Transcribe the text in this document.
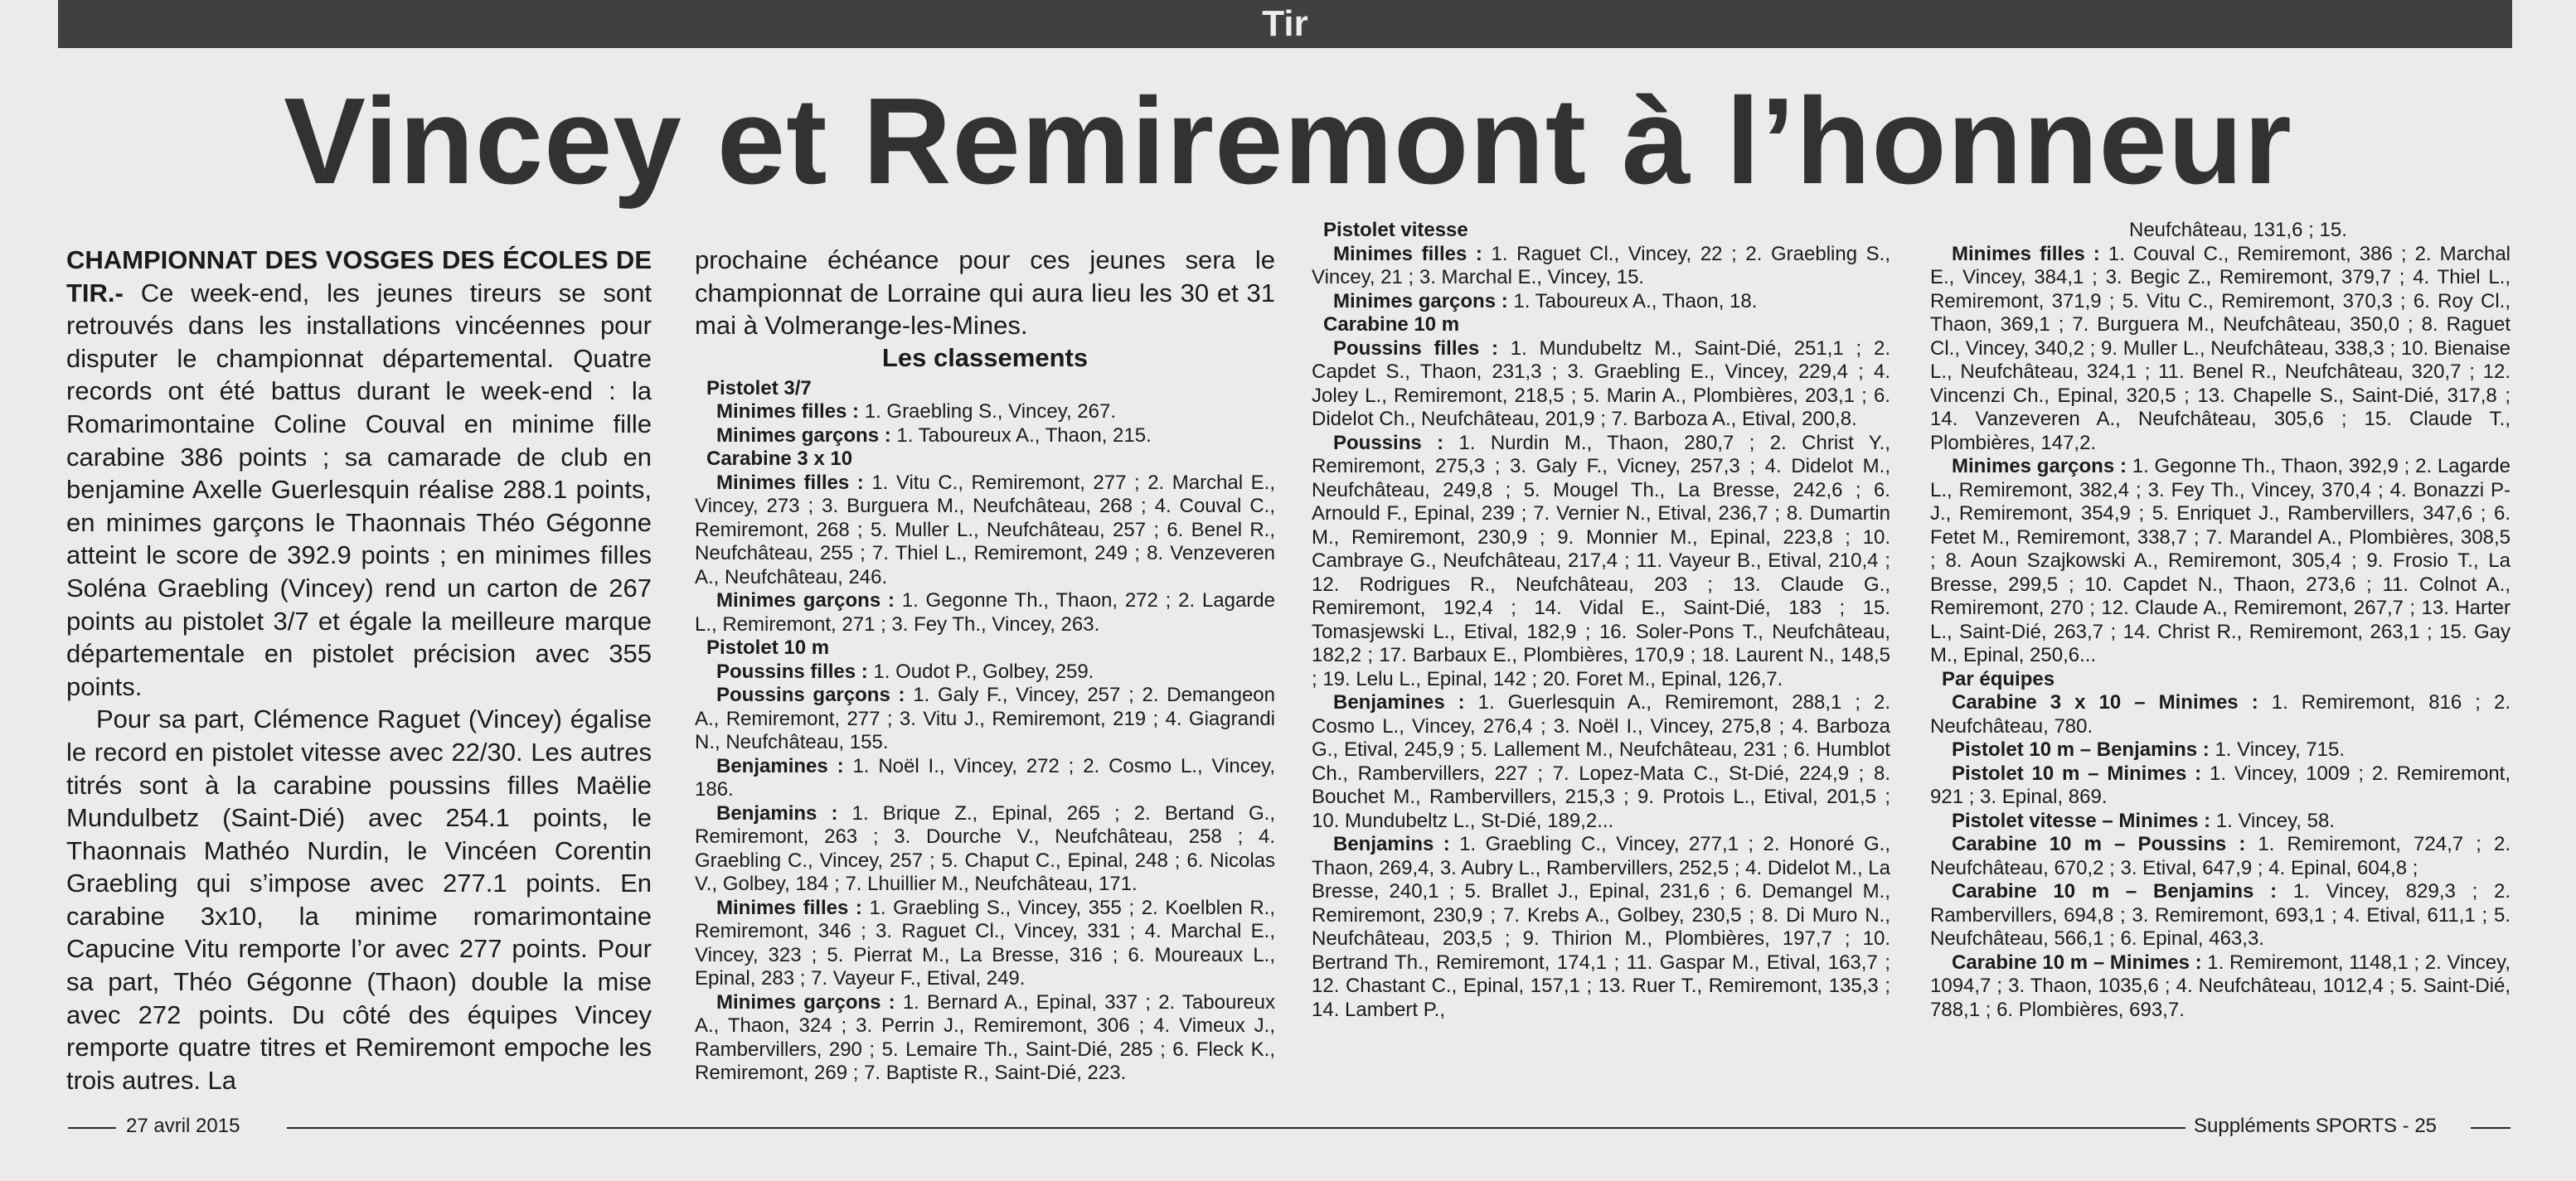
Tir
Vincey et Remiremont à l’honneur

CHAMPIONNAT DES VOSGES DES ÉCOLES DE TIR.- Ce week-end, les jeunes tireurs se sont retrouvés dans les installations vincéennes pour disputer le championnat départemental. Quatre records ont été battus durant le week-end : la Romarimontaine Coline Couval en minime fille carabine 386 points ; sa camarade de club en benjamine Axelle Guerlesquin réalise 288.1 points, en minimes garçons le Thaonnais Théo Gégonne atteint le score de 392.9 points ; en minimes filles Soléna Graebling (Vincey) rend un carton de 267 points au pistolet 3/7 et égale la meilleure marque départementale en pistolet précision avec 355 points.

Pour sa part, Clémence Raguet (Vincey) égalise le record en pistolet vitesse avec 22/30. Les autres titrés sont à la carabine poussins filles Maëlie Mundulbetz (Saint-Dié) avec 254.1 points, le Thaonnais Mathéo Nurdin, le Vincéen Corentin Graebling qui s’impose avec 277.1 points. En carabine 3x10, la minime romarimontaine Capucine Vitu remporte l’or avec 277 points. Pour sa part, Théo Gégonne (Thaon) double la mise avec 272 points. Du côté des équipes Vincey remporte quatre titres et Remiremont empoche les trois autres. La

prochaine échéance pour ces jeunes sera le championnat de Lorraine qui aura lieu les 30 et 31 mai à Volmerange-les-Mines.

Les classements

Pistolet 3/7
Minimes filles : 1. Graebling S., Vincey, 267.
Minimes garçons : 1. Taboureux A., Thaon, 215.
Carabine 3 x 10
Minimes filles : 1. Vitu C., Remiremont, 277 ; 2. Marchal E., Vincey, 273 ; 3. Burguera M., Neufchâteau, 268 ; 4. Couval C., Remiremont, 268 ; 5. Muller L., Neufchâteau, 257 ; 6. Benel R., Neufchâteau, 255 ; 7. Thiel L., Remiremont, 249 ; 8. Venzeveren A., Neufchâteau, 246.
Minimes garçons : 1. Gegonne Th., Thaon, 272 ; 2. Lagarde L., Remiremont, 271 ; 3. Fey Th., Vincey, 263.
Pistolet 10 m
Poussins filles : 1. Oudot P., Golbey, 259.
Poussins garçons : 1. Galy F., Vincey, 257 ; 2. Demangeon A., Remiremont, 277 ; 3. Vitu J., Remiremont, 219 ; 4. Giagrandi N., Neufchâteau, 155.
Benjamines : 1. Noël I., Vincey, 272 ; 2. Cosmo L., Vincey, 186.
Benjamins : 1. Brique Z., Epinal, 265 ; 2. Bertand G., Remiremont, 263 ; 3. Dourche V., Neufchâteau, 258 ; 4. Graebling C., Vincey, 257 ; 5. Chaput C., Epinal, 248 ; 6. Nicolas V., Golbey, 184 ; 7. Lhuillier M., Neufchâteau, 171.
Minimes filles : 1. Graebling S., Vincey, 355 ; 2. Koelblen R., Remiremont, 346 ; 3. Raguet Cl., Vincey, 331 ; 4. Marchal E., Vincey, 323 ; 5. Pierrat M., La Bresse, 316 ; 6. Moureaux L., Epinal, 283 ; 7. Vayeur F., Etival, 249.
Minimes garçons : 1. Bernard A., Epinal, 337 ; 2. Taboureux A., Thaon, 324 ; 3. Perrin J., Remiremont, 306 ; 4. Vimeux J., Rambervillers, 290 ; 5. Lemaire Th., Saint-Dié, 285 ; 6. Fleck K., Remiremont, 269 ; 7. Baptiste R., Saint-Dié, 223.
Pistolet vitesse
Minimes filles : 1. Raguet Cl., Vincey, 22 ; 2. Graebling S., Vincey, 21 ; 3. Marchal E., Vincey, 15.
Minimes garçons : 1. Taboureux A., Thaon, 18.
Carabine 10 m
Poussins filles : 1. Mundubeltz M., Saint-Dié, 251,1 ; 2. Capdet S., Thaon, 231,3 ; 3. Graebling E., Vincey, 229,4 ; 4. Joley L., Remiremont, 218,5 ; 5. Marin A., Plombières, 203,1 ; 6. Didelot Ch., Neufchâteau, 201,9 ; 7. Barboza A., Etival, 200,8.
Poussins : 1. Nurdin M., Thaon, 280,7 ; 2. Christ Y., Remiremont, 275,3 ; 3. Galy F., Vicney, 257,3 ; 4. Didelot M., Neufchâteau, 249,8 ; 5. Mougel Th., La Bresse, 242,6 ; 6. Arnould F., Epinal, 239 ; 7. Vernier N., Etival, 236,7 ; 8. Dumartin M., Remiremont, 230,9 ; 9. Monnier M., Epinal, 223,8 ; 10. Cambraye G., Neufchâteau, 217,4 ; 11. Vayeur B., Etival, 210,4 ; 12. Rodrigues R., Neufchâteau, 203 ; 13. Claude G., Remiremont, 192,4 ; 14. Vidal E., Saint-Dié, 183 ; 15. Tomasjewski L., Etival, 182,9 ; 16. Soler-Pons T., Neufchâteau, 182,2 ; 17. Barbaux E., Plombières, 170,9 ; 18. Laurent N., 148,5 ; 19. Lelu L., Epinal, 142 ; 20. Foret M., Epinal, 126,7.
Benjamines : 1. Guerlesquin A., Remiremont, 288,1 ; 2. Cosmo L., Vincey, 276,4 ; 3. Noël I., Vincey, 275,8 ; 4. Barboza G., Etival, 245,9 ; 5. Lallement M., Neufchâteau, 231 ; 6. Humblot Ch., Rambervillers, 227 ; 7. Lopez-Mata C., St-Dié, 224,9 ; 8. Bouchet M., Rambervillers, 215,3 ; 9. Protois L., Etival, 201,5 ; 10. Mundubeltz L., St-Dié, 189,2...
Benjamins : 1. Graebling C., Vincey, 277,1 ; 2. Honoré G., Thaon, 269,4, 3. Aubry L., Rambervillers, 252,5 ; 4. Didelot M., La Bresse, 240,1 ; 5. Brallet J., Epinal, 231,6 ; 6. Demangel M., Remiremont, 230,9 ; 7. Krebs A., Golbey, 230,5 ; 8. Di Muro N., Neufchâteau, 203,5 ; 9. Thirion M., Plombières, 197,7 ; 10. Bertrand Th., Remiremont, 174,1 ; 11. Gaspar M., Etival, 163,7 ; 12. Chastant C., Epinal, 157,1 ; 13. Ruer T., Remiremont, 135,3 ; 14. Lambert P.,
Neufchâteau, 131,6 ; 15.
Minimes filles : 1. Couval C., Remiremont, 386 ; 2. Marchal E., Vincey, 384,1 ; 3. Begic Z., Remiremont, 379,7 ; 4. Thiel L., Remiremont, 371,9 ; 5. Vitu C., Remiremont, 370,3 ; 6. Roy Cl., Thaon, 369,1 ; 7. Burguera M., Neufchâteau, 350,0 ; 8. Raguet Cl., Vincey, 340,2 ; 9. Muller L., Neufchâteau, 338,3 ; 10. Bienaise L., Neufchâteau, 324,1 ; 11. Benel R., Neufchâteau, 320,7 ; 12. Vincenzi Ch., Epinal, 320,5 ; 13. Chapelle S., Saint-Dié, 317,8 ; 14. Vanzeveren A., Neufchâteau, 305,6 ; 15. Claude T., Plombières, 147,2.
Minimes garçons : 1. Gegonne Th., Thaon, 392,9 ; 2. Lagarde L., Remiremont, 382,4 ; 3. Fey Th., Vincey, 370,4 ; 4. Bonazzi P-J., Remiremont, 354,9 ; 5. Enriquet J., Rambervillers, 347,6 ; 6. Fetet M., Remiremont, 338,7 ; 7. Marandel A., Plombières, 308,5 ; 8. Aoun Szajkowski A., Remiremont, 305,4 ; 9. Frosio T., La Bresse, 299,5 ; 10. Capdet N., Thaon, 273,6 ; 11. Colnot A., Remiremont, 270 ; 12. Claude A., Remiremont, 267,7 ; 13. Harter L., Saint-Dié, 263,7 ; 14. Christ R., Remiremont, 263,1 ; 15. Gay M., Epinal, 250,6...
Par équipes
Carabine 3 x 10 – Minimes : 1. Remiremont, 816 ; 2. Neufchâteau, 780.
Pistolet 10 m – Benjamins : 1. Vincey, 715.
Pistolet 10 m – Minimes : 1. Vincey, 1009 ; 2. Remiremont, 921 ; 3. Epinal, 869.
Pistolet vitesse – Minimes : 1. Vincey, 58.
Carabine 10 m – Poussins : 1. Remiremont, 724,7 ; 2. Neufchâteau, 670,2 ; 3. Etival, 647,9 ; 4. Epinal, 604,8 ;
Carabine 10 m – Benjamins : 1. Vincey, 829,3 ; 2. Rambervillers, 694,8 ; 3. Remiremont, 693,1 ; 4. Etival, 611,1 ; 5. Neufchâteau, 566,1 ; 6. Epinal, 463,3.
Carabine 10 m – Minimes : 1. Remiremont, 1148,1 ; 2. Vincey, 1094,7 ; 3. Thaon, 1035,6 ; 4. Neufchâteau, 1012,4 ; 5. Saint-Dié, 788,1 ; 6. Plombières, 693,7.
27 avril 2015	Suppléments SPORTS - 25
